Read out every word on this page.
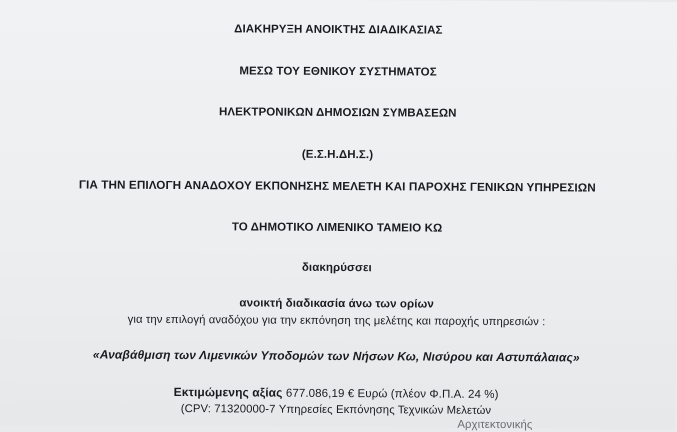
ΔΙΑΚΗΡΥΞΗ ΑΝΟΙΚΤΗΣ ΔΙΑΔΙΚΑΣΙΑΣ
ΜΕΣΩ ΤΟΥ ΕΘΝΙΚΟΥ ΣΥΣΤΗΜΑΤΟΣ
ΗΛΕΚΤΡΟΝΙΚΩΝ ΔΗΜΟΣΙΩΝ ΣΥΜΒΑΣΕΩΝ
(Ε.Σ.Η.ΔΗ.Σ.)
ΓΙΑ ΤΗΝ ΕΠΙΛΟΓΗ ΑΝΑΔΟΧΟΥ ΕΚΠΟΝΗΣΗΣ ΜΕΛΕΤΗ ΚΑΙ ΠΑΡΟΧΗΣ ΓΕΝΙΚΩΝ ΥΠΗΡΕΣΙΩΝ
ΤΟ ΔΗΜΟΤΙΚΟ ΛΙΜΕΝΙΚΟ ΤΑΜΕΙΟ ΚΩ
διακηρύσσει
ανοικτή διαδικασία άνω των ορίων
για την επιλογή αναδόχου για την εκπόνηση της μελέτης και παροχής υπηρεσιών :
«Αναβάθμιση των Λιμενικών Υποδομών των Νήσων Κω, Νισύρου και Αστυπάλαιας»
Εκτιμώμενης αξίας 677.086,19 € Ευρώ (πλέον Φ.Π.Α. 24 %)
(CPV: 71320000-7 Υπηρεσίες Εκπόνησης Τεχνικών Μελετών
Αρχιτεκτονικής
